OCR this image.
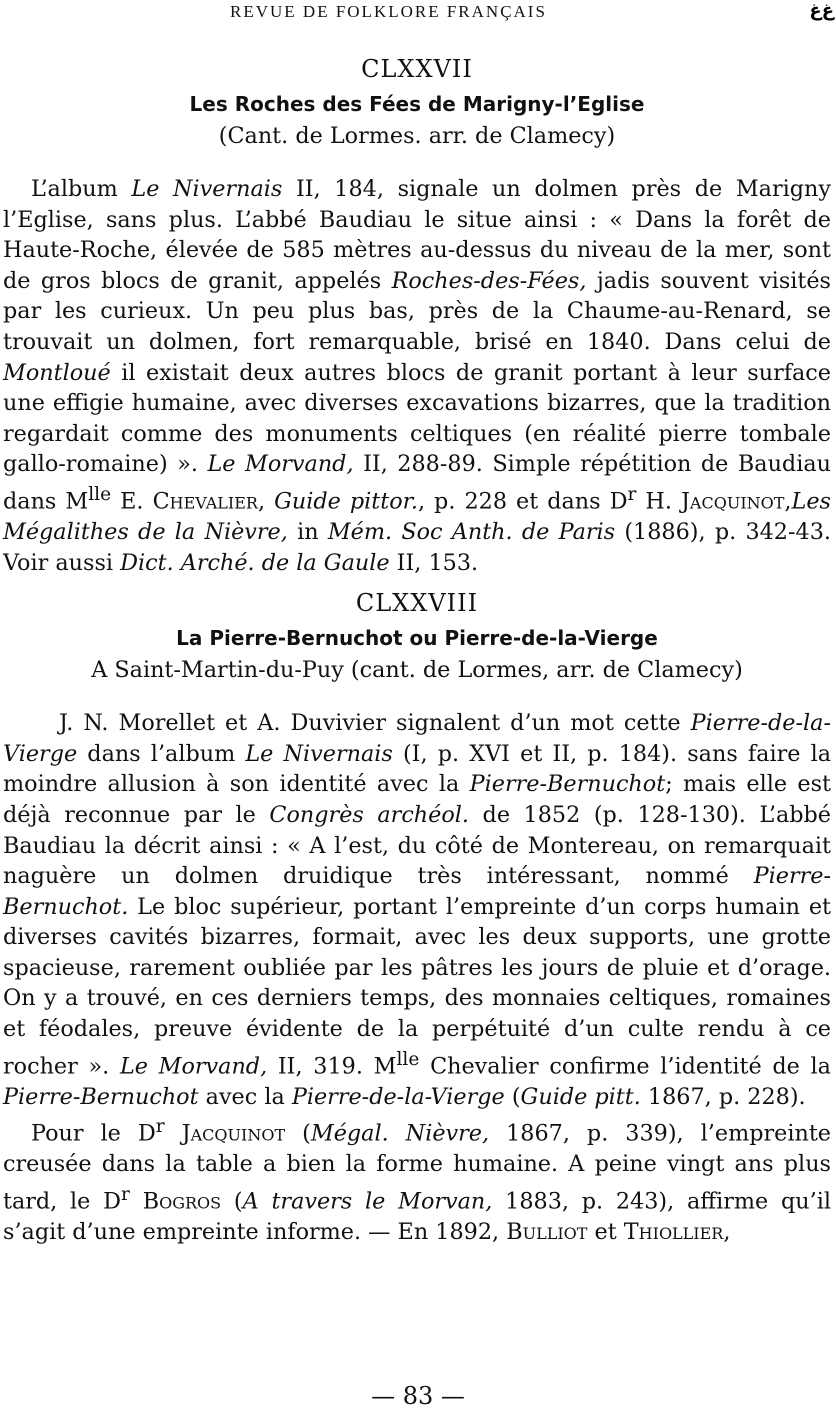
REVUE DE FOLKLORE FRANÇAIS	ﻍﻍ
CLXXVII
Les Roches des Fées de Marigny-l’Eglise
(Cant. de Lormes. arr. de Clamecy)

L’album Le Nivernais II, 184, signale un dolmen près de Marigny l’Eglise, sans plus. L’abbé Baudiau le situe ainsi : « Dans la forêt de Haute-Roche, élevée de 585 mètres au-dessus du niveau de la mer, sont de gros blocs de granit, appelés Roches-des-Fées, jadis souvent visités par les curieux. Un peu plus bas, près de la Chaume-au-Renard, se trouvait un dolmen, fort remarquable, brisé en 1840. Dans celui de Montloué il existait deux autres blocs de granit portant à leur surface une effigie humaine, avec diverses excavations bizarres, que la tradition regardait comme des monuments celtiques (en réalité pierre tombale gallo-romaine) ». Le Morvand, II, 288-89. Simple répétition de Baudiau dans $M^{lle}$ E. Chevalier, Guide pittor., p. 228 et dans $D^r$ H. Jacquinot,Les Mégalithes de la Nièvre, in Mém. Soc Anth. de Paris (1886), p. 342-43. Voir aussi Dict. Arché. de la Gaule II, 153.

CLXXVIII
La Pierre-Bernuchot ou Pierre-de-la-Vierge
A Saint-Martin-du-Puy (cant. de Lormes, arr. de Clamecy)

J. N. Morellet et A. Duvivier signalent d’un mot cette Pierre-de-la-Vierge dans l’album Le Nivernais (I, p. XVI et II, p. 184). sans faire la moindre allusion à son identité avec la Pierre-Bernuchot; mais elle est déjà reconnue par le Congrès archéol. de 1852 (p. 128-130). L’abbé Baudiau la décrit ainsi : « A l’est, du côté de Montereau, on remarquait naguère un dolmen druidique très intéressant, nommé Pierre-Bernuchot. Le bloc supérieur, portant l’empreinte d’un corps humain et diverses cavités bizarres, formait, avec les deux supports, une grotte spacieuse, rarement oubliée par les pâtres les jours de pluie et d’orage. On y a trouvé, en ces derniers temps, des monnaies celtiques, romaines et féodales, preuve évidente de la perpétuité d’un culte rendu à ce rocher ». Le Morvand, II, 319. $M^{lle}$ Chevalier confirme l’identité de la Pierre-Bernuchot avec la Pierre-de-la-Vierge (Guide pitt. 1867, p. 228).

Pour le $D^r$ Jacquinot (Mégal. Nièvre, 1867, p. 339), l’empreinte creusée dans la table a bien la forme humaine. A peine vingt ans plus tard, le $D^r$ Bogros (A travers le Morvan, 1883, p. 243), affirme qu’il s’agit d’une empreinte informe. — En 1892, Bulliot et Thiollier,

— 83 —
